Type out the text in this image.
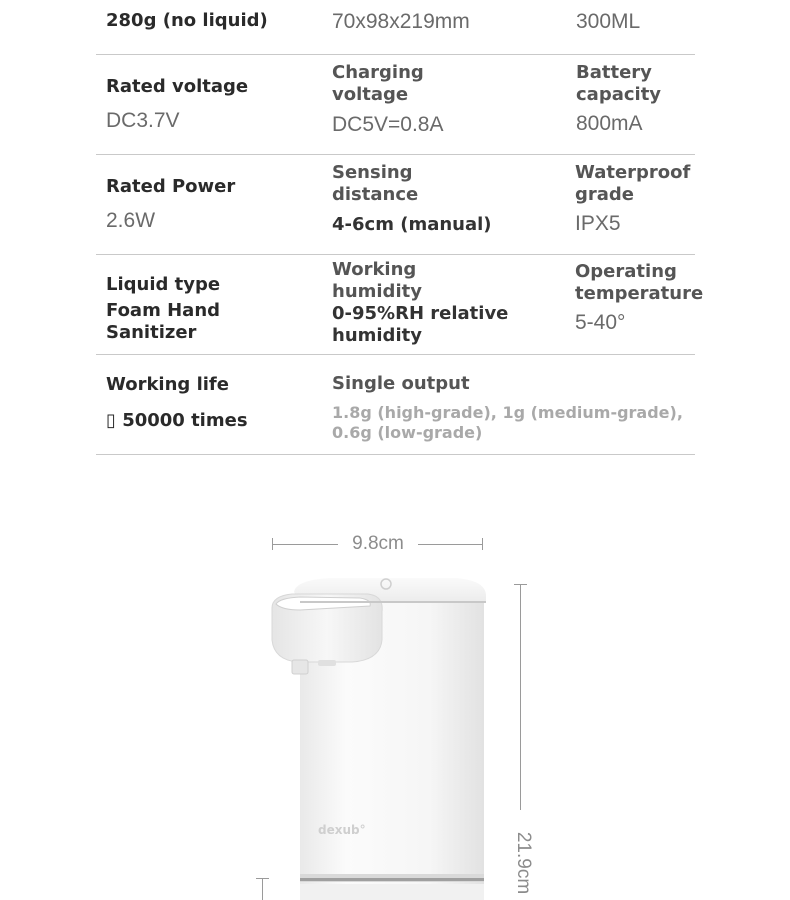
280g (no liquid)	70x98x219mm	300ML

Rated voltage

DC3.7V

Charging

voltage

DC5V=0.8A

Battery

capacity

800mA

Rated Power

2.6W

Sensing

distance

4-6cm (manual)

Waterproof

grade

IPX5

Liquid type

Foam Hand

Sanitizer

Working

humidity

0-95%RH relative

humidity

Operating

temperature

5-40°

Working life

▯ 50000 times

Single output

1.8g (high-grade), 1g (medium-grade), 0.6g (low-grade)

9.8cm
dexub°
21.9cm
